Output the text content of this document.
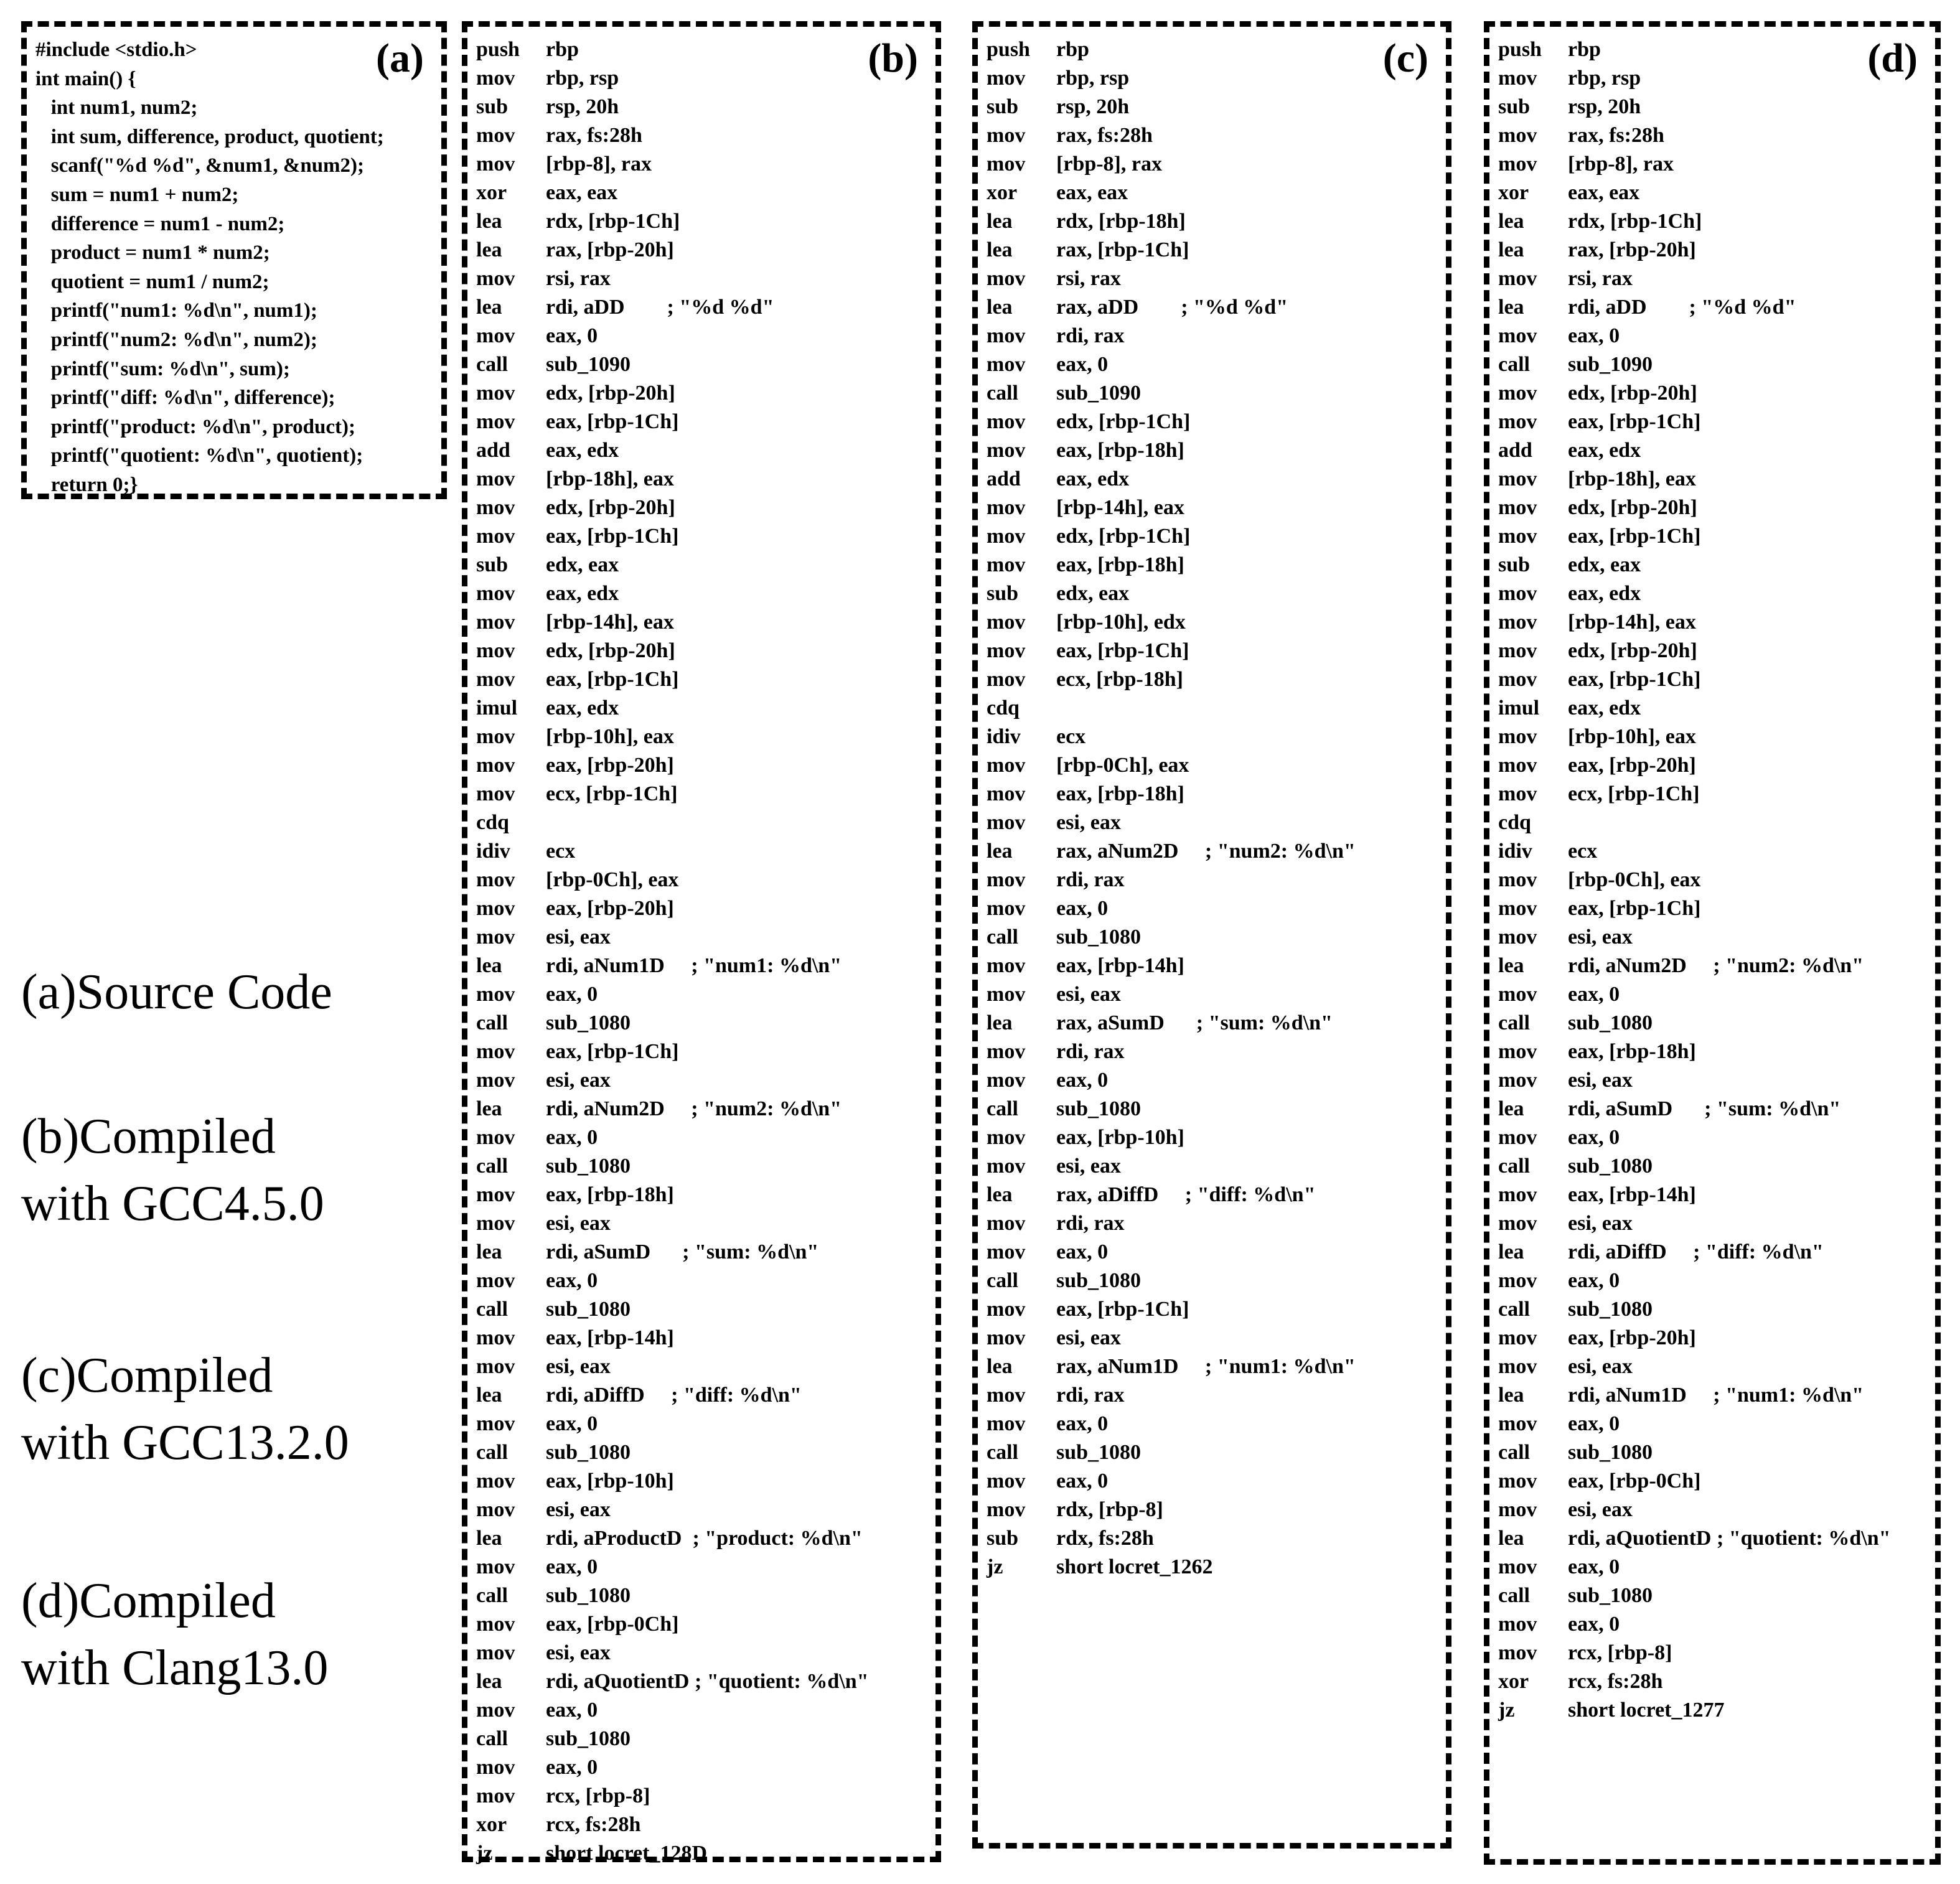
(a)
#include <stdio.h>
int main() {
int num1, num2;
int sum, difference, product, quotient;
scanf("%d %d", &num1, &num2);
sum = num1 + num2;
difference = num1 - num2;
product = num1 * num2;
quotient = num1 / num2;
printf("num1: %d\n", num1);
printf("num2: %d\n", num2);
printf("sum: %d\n", sum);
printf("diff: %d\n", difference);
printf("product: %d\n", product);
printf("quotient: %d\n", quotient);
return 0;}
(b)
push rbp
mov rbp, rsp
sub rsp, 20h
mov rax, fs:28h
mov [rbp-8], rax
xor eax, eax
lea rdx, [rbp-1Ch]
lea rax, [rbp-20h]
mov rsi, rax
lea rdi, aDD        ; "%d %d"
mov eax, 0
call sub_1090
mov edx, [rbp-20h]
mov eax, [rbp-1Ch]
add eax, edx
mov [rbp-18h], eax
mov edx, [rbp-20h]
mov eax, [rbp-1Ch]
sub edx, eax
mov eax, edx
mov [rbp-14h], eax
mov edx, [rbp-20h]
mov eax, [rbp-1Ch]
imul eax, edx
mov [rbp-10h], eax
mov eax, [rbp-20h]
mov ecx, [rbp-1Ch]
cdq
idiv ecx
mov [rbp-0Ch], eax
mov eax, [rbp-20h]
mov esi, eax
lea rdi, aNum1D     ; "num1: %d\n"
mov eax, 0
call sub_1080
mov eax, [rbp-1Ch]
mov esi, eax
lea rdi, aNum2D     ; "num2: %d\n"
mov eax, 0
call sub_1080
mov eax, [rbp-18h]
mov esi, eax
lea rdi, aSumD      ; "sum: %d\n"
mov eax, 0
call sub_1080
mov eax, [rbp-14h]
mov esi, eax
lea rdi, aDiffD     ; "diff: %d\n"
mov eax, 0
call sub_1080
mov eax, [rbp-10h]
mov esi, eax
lea rdi, aProductD  ; "product: %d\n"
mov eax, 0
call sub_1080
mov eax, [rbp-0Ch]
mov esi, eax
lea rdi, aQuotientD ; "quotient: %d\n"
mov eax, 0
call sub_1080
mov eax, 0
mov rcx, [rbp-8]
xor rcx, fs:28h
jz	short locret_128D
(c)
push rbp
mov rbp, rsp
sub rsp, 20h
mov rax, fs:28h
mov [rbp-8], rax
xor eax, eax
lea rdx, [rbp-18h]
lea rax, [rbp-1Ch]
mov rsi, rax
lea rax, aDD        ; "%d %d"
mov rdi, rax
mov eax, 0
call sub_1090
mov edx, [rbp-1Ch]
mov eax, [rbp-18h]
add eax, edx
mov [rbp-14h], eax
mov edx, [rbp-1Ch]
mov eax, [rbp-18h]
sub edx, eax
mov [rbp-10h], edx
mov eax, [rbp-1Ch]
mov ecx, [rbp-18h]
cdq
idiv ecx
mov [rbp-0Ch], eax
mov eax, [rbp-18h]
mov esi, eax
lea rax, aNum2D     ; "num2: %d\n"
mov rdi, rax
mov eax, 0
call sub_1080
mov eax, [rbp-14h]
mov esi, eax
lea rax, aSumD      ; "sum: %d\n"
mov rdi, rax
mov eax, 0
call sub_1080
mov eax, [rbp-10h]
mov esi, eax
lea rax, aDiffD     ; "diff: %d\n"
mov rdi, rax
mov eax, 0
call sub_1080
mov eax, [rbp-1Ch]
mov esi, eax
lea rax, aNum1D     ; "num1: %d\n"
mov rdi, rax
mov eax, 0
call sub_1080
mov eax, 0
mov rdx, [rbp-8]
sub rdx, fs:28h
jz	short locret_1262
(d)
push rbp
mov rbp, rsp
sub rsp, 20h
mov rax, fs:28h
mov [rbp-8], rax
xor eax, eax
lea rdx, [rbp-1Ch]
lea rax, [rbp-20h]
mov rsi, rax
lea rdi, aDD        ; "%d %d"
mov eax, 0
call sub_1090
mov edx, [rbp-20h]
mov eax, [rbp-1Ch]
add eax, edx
mov [rbp-18h], eax
mov edx, [rbp-20h]
mov eax, [rbp-1Ch]
sub edx, eax
mov eax, edx
mov [rbp-14h], eax
mov edx, [rbp-20h]
mov eax, [rbp-1Ch]
imul eax, edx
mov [rbp-10h], eax
mov eax, [rbp-20h]
mov ecx, [rbp-1Ch]
cdq
idiv ecx
mov [rbp-0Ch], eax
mov eax, [rbp-1Ch]
mov esi, eax
lea rdi, aNum2D     ; "num2: %d\n"
mov eax, 0
call sub_1080
mov eax, [rbp-18h]
mov esi, eax
lea rdi, aSumD      ; "sum: %d\n"
mov eax, 0
call sub_1080
mov eax, [rbp-14h]
mov esi, eax
lea rdi, aDiffD     ; "diff: %d\n"
mov eax, 0
call sub_1080
mov eax, [rbp-20h]
mov esi, eax
lea rdi, aNum1D     ; "num1: %d\n"
mov eax, 0
call sub_1080
mov eax, [rbp-0Ch]
mov esi, eax
lea rdi, aQuotientD ; "quotient: %d\n"
mov eax, 0
call sub_1080
mov eax, 0
mov rcx, [rbp-8]
xor rcx, fs:28h
jz	short locret_1277
(a)Source Code
(b)Compiled
with GCC4.5.0
(c)Compiled
with GCC13.2.0
(d)Compiled
with Clang13.0
